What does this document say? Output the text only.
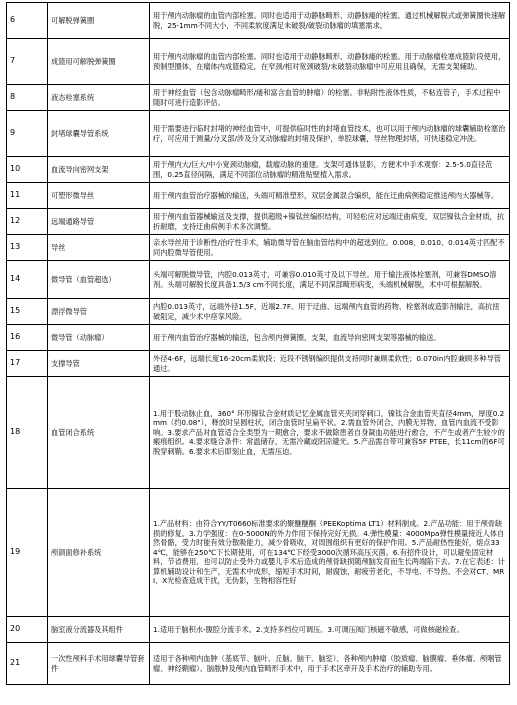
6	可解脱弹簧圈	用于颅内动脉瘤的血管内部栓塞。同时也适用于动静脉畸形、动静脉瘘的栓塞。通过机械解脱式或弹簧圈快速解脱，25-1mm不同大小，不同柔软度满足未破裂/破裂动脉瘤的填塞需求。
7	成篮用可解脱弹簧圈	用于颅内动脉瘤的血管内部栓塞。同时也适用于动静脉畸形、动静脉瘘的栓塞。用于动脉瘤栓塞成篮阶段使用，预制型圈体，在瘤体内成篮稳定，在窄颈/相对宽颈破裂/未破裂动脉瘤中可应用且确保，无需支架辅助。
8	液态栓塞系统	用于神经血管（包含动脉瘤畸形/瘘和富含血管的肿瘤）的栓塞。非粘附性液体性质，不粘连管子，手术过程中随时可进行造影评估。
9	封堵球囊导管系统	用于需要进行临时封堵的神经血管中，可提供临时性的封堵血管技术，也可以用于颅内动脉瘤的球囊辅助栓塞治疗，可应用于测量/分叉部/涉及分叉动脉瘤的封堵及保护，单腔球囊，导丝物理封堵，可快速稳定冲洗。
10	血流导向密网支架	用于颅内大/巨大/中小宽颈动脉瘤，载瘤动脉的重建。支架可通体显影，方便术中手术观察：2.5-5.0直径范围，0.25直径间隔，满足不同部位动脉瘤的精准贴壁植入需求。
11	可塑形微导丝	用于颅内血管治疗器械的输送，头端可精准塑形，双层金属混合编织，能在迂曲病例稳定推送颅内大器械等。
12	远端通路导管	用于颅内血管器械输送及支撑，提供超级+镍钛丝编织结构，可轻松应对远端迂曲病变，双层镍钛合金材质，抗折耐磨，支持迂曲病例手术多次调整。
13	导丝	亲水导丝用于诊断性/治疗性手术，辅助微导管在脑血管结构中的超选到位。0.008、0.010、0.014英寸匹配不同内腔微导管使用。
14	微导管（血管超选）	头端可解脱微导管，内腔0.013英寸，可兼容0.010英寸及以下导丝。用于输注液体栓塞剂，可兼容DMSO溶剂。头端可解脱长度具备1.5/3 cm不同长度，满足不同深部畸形病变，头端机械解脱，术中可根据解脱。
15	漂浮微导管	内腔0.013英寸，远端外径1.5F，近端2.7F。用于迂曲、远端颅内血管的药物、栓塞剂或造影剂输注，高抗扭破阻定，减少术中痉挛风险。
16	微导管（动脉瘤）	用于颅内血管治疗器械的输送，包含颅内弹簧圈，支架，血流导向密网支架等器械的输送。
17	支撑导管	外径4-6F，远端长度16-20cm柔软段；近段不锈钢编织提供支持同时兼顾柔软性；0.070in内腔兼顾多种导管通过。
18	血管闭合系统	1.用于股动脉止血，360° 环形镍钛合金材质记忆金属血管夹夹闭穿刺口，镍钛合金血管夹直径4mm，厚度0.2mm（约0.08"），释放时呈圆柱状，闭合血管时呈扁平状。2.需血管外闭合，内膜无异物，血管内血流不受影响。3.要求产品对血管适合全类型为一期愈合，要求不做除患者自身凝血功能进行愈合，不产生或者产生较少的瘢痕组织。4.要求缝合条件：常温储存，无需冷藏或阴凉避光。5.产品需自带可兼容5F PTEE，长11cm的6F可脱穿刺鞘。6.要求术后即刻止血，无需压迫。
19	颅颌面修补系统	1.产品材料：由符合YY/T0660标准要求的聚醚醚酮（PEEKoptima LT1）材料制成。2.产品功能：用于颅骨缺损的修复。3.力学强度：在0-5000N的外力作用下保持完好无损。4.弹性模量：4000Mpa弹性模量接近人体自然骨骼，受力时能有效分散吸能力，减少骨吸收，对周围组织有更好的保护作用。5.产品耐热性能好，熔点334℃，能够在250℃下长期使用，可在134℃下经受3000次循环高压灭菌。6.有招件设计，可以避免固定材料，节省费用，也可以防止受外力或嬰儿手术后造成的颅骨缺损随颅脑发育而生长两端陷下去。7.在它表述：计算机辅助设计和生产，无需术中成形，缩短手术时间，耐腐蚀，耐疲劳老化，不导电、不导热、不会对CT、MRI、X光检查造成干扰，无伪影，生物相容性好
20	脑室液分流器及其组件	1.适用于脑积水-腹腔分流手术。2.支持多档位可调压。3.可调压阀门核磁不敏感，可做核磁检查。
21	一次性颅科手术用球囊导管套件	适用于各种颅内血肿（基底节、脑叶、丘脑、脑干、脑室）、各种颅内肿瘤（胶质瘤、脑膜瘤、垂体瘤、颅咽管瘤、神经鞘瘤）、脑脓肿及颅内血管畸形手术中，用于手术区牵开及手术治疗的辅助专用。
